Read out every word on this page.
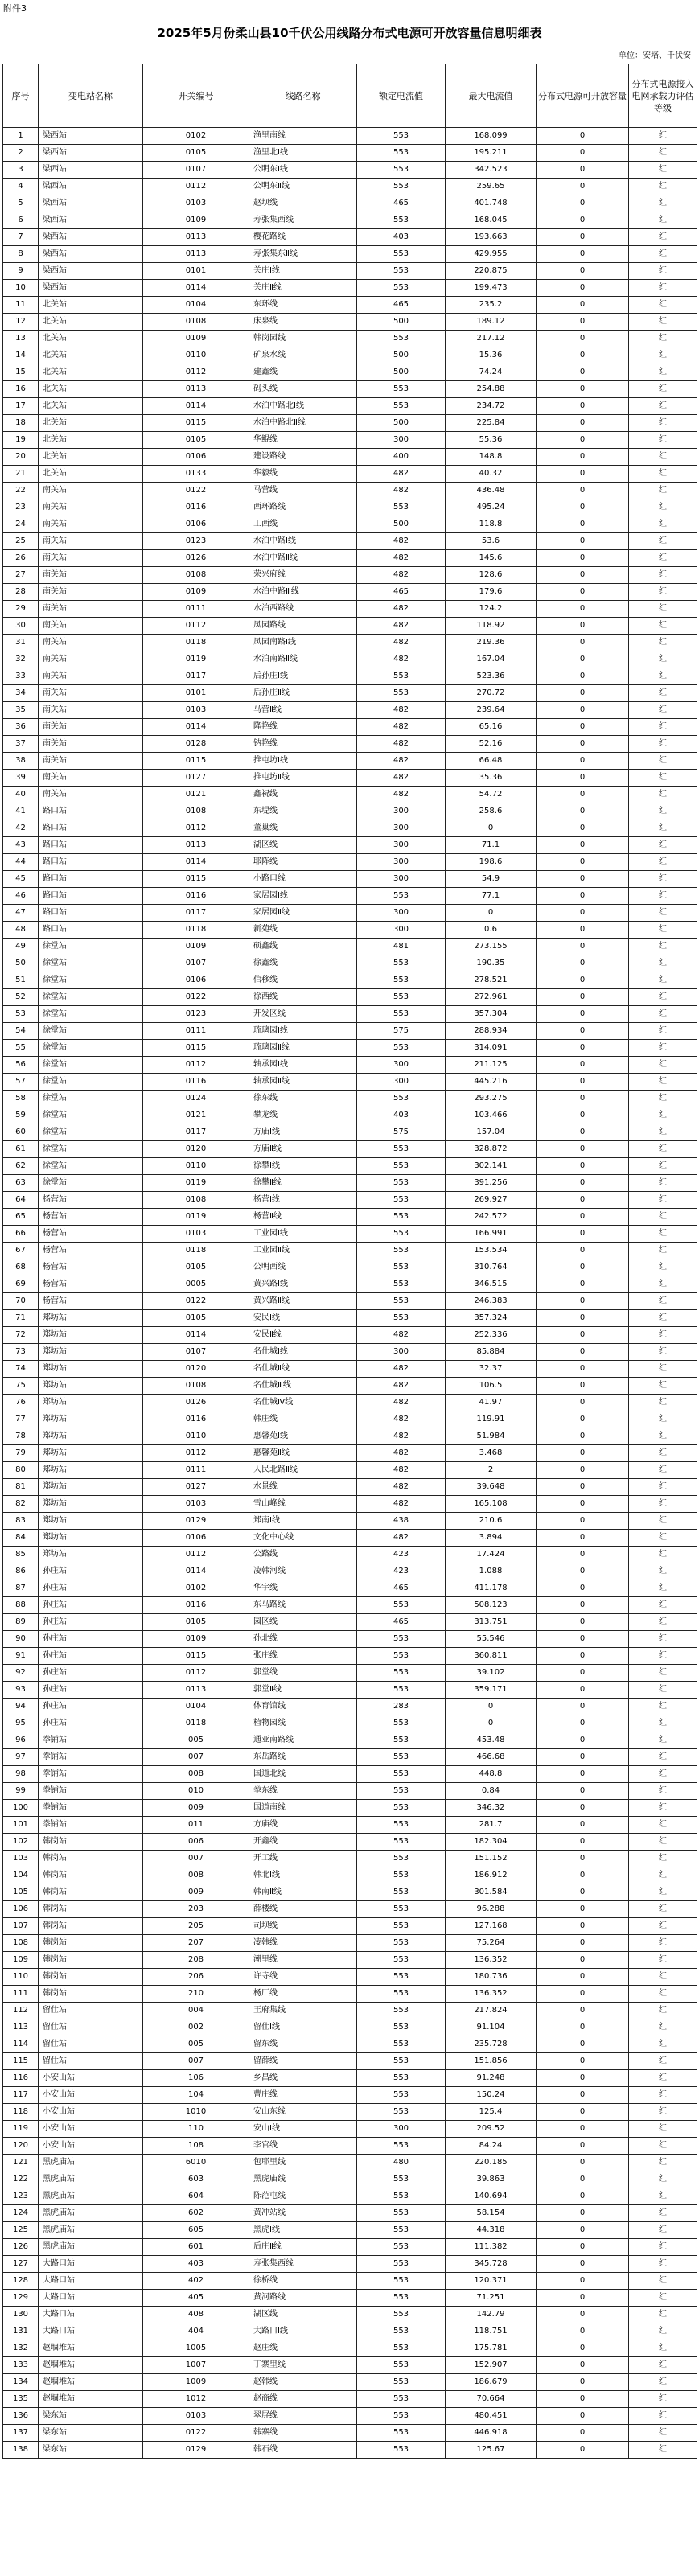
附件3
2025年5月份柔山县10千伏公用线路分布式电源可开放容量信息明细表
单位：安培、千伏安
序号	变电站名称	开关编号	线路名称	额定电流值	最大电流值	分布式电源可开放容量	分布式电源接入电网承载力评估等级
1	梁西站	0102	渔里南线	553	168.099	0	红
2	梁西站	0105	渔里北Ⅰ线	553	195.211	0	红
3	梁西站	0107	公明东Ⅰ线	553	342.523	0	红
4	梁西站	0112	公明东Ⅱ线	553	259.65	0	红
5	梁西站	0103	赵坝线	465	401.748	0	红
6	梁西站	0109	寿张集西线	553	168.045	0	红
7	梁西站	0113	樱花路线	403	193.663	0	红
8	梁西站	0113	寿张集东Ⅱ线	553	429.955	0	红
9	梁西站	0101	关庄Ⅰ线	553	220.875	0	红
10	梁西站	0114	关庄Ⅱ线	553	199.473	0	红
11	北关站	0104	东环线	465	235.2	0	红
12	北关站	0108	床泉线	500	189.12	0	红
13	北关站	0109	韩岗园线	553	217.12	0	红
14	北关站	0110	矿泉水线	500	15.36	0	红
15	北关站	0112	建鑫线	500	74.24	0	红
16	北关站	0113	码头线	553	254.88	0	红
17	北关站	0114	水泊中路北Ⅰ线	553	234.72	0	红
18	北关站	0115	水泊中路北Ⅱ线	500	225.84	0	红
19	北关站	0105	华鲲线	300	55.36	0	红
20	北关站	0106	建设路线	400	148.8	0	红
21	北关站	0133	华毅线	482	40.32	0	红
22	南关站	0122	马营线	482	436.48	0	红
23	南关站	0116	西环路线	553	495.24	0	红
24	南关站	0106	工西线	500	118.8	0	红
25	南关站	0123	水泊中路Ⅰ线	482	53.6	0	红
26	南关站	0126	水泊中路Ⅱ线	482	145.6	0	红
27	南关站	0108	荣兴府线	482	128.6	0	红
28	南关站	0109	水泊中路Ⅲ线	465	179.6	0	红
29	南关站	0111	水泊西路线	482	124.2	0	红
30	南关站	0112	凤园路线	482	118.92	0	红
31	南关站	0118	凤园南路Ⅰ线	482	219.36	0	红
32	南关站	0119	水泊南路Ⅱ线	482	167.04	0	红
33	南关站	0117	后孙庄Ⅰ线	553	523.36	0	红
34	南关站	0101	后孙庄Ⅱ线	553	270.72	0	红
35	南关站	0103	马营Ⅱ线	482	239.64	0	红
36	南关站	0114	隆艳线	482	65.16	0	红
37	南关站	0128	钠艳线	482	52.16	0	红
38	南关站	0115	推屯坊Ⅰ线	482	66.48	0	红
39	南关站	0127	推屯坊Ⅱ线	482	35.36	0	红
40	南关站	0121	鑫祝线	482	54.72	0	红
41	路口站	0108	东堤线	300	258.6	0	红
42	路口站	0112	董巢线	300	0	0	红
43	路口站	0113	湖区线	300	71.1	0	红
44	路口站	0114	耶阵线	300	198.6	0	红
45	路口站	0115	小路口线	300	54.9	0	红
46	路口站	0116	家居园Ⅰ线	553	77.1	0	红
47	路口站	0117	家居园Ⅱ线	300	0	0	红
48	路口站	0118	新苑线	300	0.6	0	红
49	徐堂站	0109	硕鑫线	481	273.155	0	红
50	徐堂站	0107	徐鑫线	553	190.35	0	红
51	徐堂站	0106	信移线	553	278.521	0	红
52	徐堂站	0122	徐西线	553	272.961	0	红
53	徐堂站	0123	开发区线	553	357.304	0	红
54	徐堂站	0111	琉璃园Ⅰ线	575	288.934	0	红
55	徐堂站	0115	琉璃园Ⅱ线	553	314.091	0	红
56	徐堂站	0112	轴承园Ⅰ线	300	211.125	0	红
57	徐堂站	0116	轴承园Ⅱ线	300	445.216	0	红
58	徐堂站	0124	徐东线	553	293.275	0	红
59	徐堂站	0121	攀龙线	403	103.466	0	红
60	徐堂站	0117	方庙Ⅰ线	575	157.04	0	红
61	徐堂站	0120	方庙Ⅱ线	553	328.872	0	红
62	徐堂站	0110	徐攀Ⅰ线	553	302.141	0	红
63	徐堂站	0119	徐攀Ⅱ线	553	391.256	0	红
64	杨营站	0108	杨营Ⅰ线	553	269.927	0	红
65	杨营站	0119	杨营Ⅱ线	553	242.572	0	红
66	杨营站	0103	工业园Ⅰ线	553	166.991	0	红
67	杨营站	0118	工业园Ⅱ线	553	153.534	0	红
68	杨营站	0105	公明西线	553	310.764	0	红
69	杨营站	0005	黄兴路Ⅰ线	553	346.515	0	红
70	杨营站	0122	黄兴路Ⅱ线	553	246.383	0	红
71	郑坊站	0105	安民Ⅰ线	553	357.324	0	红
72	郑坊站	0114	安民Ⅱ线	482	252.336	0	红
73	郑坊站	0107	名仕城Ⅰ线	300	85.884	0	红
74	郑坊站	0120	名仕城Ⅱ线	482	32.37	0	红
75	郑坊站	0108	名仕城Ⅲ线	482	106.5	0	红
76	郑坊站	0126	名仕城Ⅳ线	482	41.97	0	红
77	郑坊站	0116	韩庄线	482	119.91	0	红
78	郑坊站	0110	惠馨苑Ⅰ线	482	51.984	0	红
79	郑坊站	0112	惠馨苑Ⅱ线	482	3.468	0	红
80	郑坊站	0111	人民北路Ⅱ线	482	2	0	红
81	郑坊站	0127	水景线	482	39.648	0	红
82	郑坊站	0103	雪山峰线	482	165.108	0	红
83	郑坊站	0129	郑南Ⅰ线	438	210.6	0	红
84	郑坊站	0106	文化中心线	482	3.894	0	红
85	郑坊站	0112	公路线	423	17.424	0	红
86	孙庄站	0114	凌韩河线	423	1.088	0	红
87	孙庄站	0102	华宇线	465	411.178	0	红
88	孙庄站	0116	东马路线	553	508.123	0	红
89	孙庄站	0105	园区线	465	313.751	0	红
90	孙庄站	0109	孙北线	553	55.546	0	红
91	孙庄站	0115	张庄线	553	360.811	0	红
92	孙庄站	0112	郭堂线	553	39.102	0	红
93	孙庄站	0113	郭堂Ⅱ线	553	359.171	0	红
94	孙庄站	0104	体育馆线	283	0	0	红
95	孙庄站	0118	植物园线	553	0	0	红
96	拳铺站	005	通亚南路线	553	453.48	0	红
97	拳铺站	007	东岳路线	553	466.68	0	红
98	拳铺站	008	国道北线	553	448.8	0	红
99	拳铺站	010	拳东线	553	0.84	0	红
100	拳铺站	009	国道南线	553	346.32	0	红
101	拳铺站	011	方庙线	553	281.7	0	红
102	韩岗站	006	开鑫线	553	182.304	0	红
103	韩岗站	007	开工线	553	151.152	0	红
104	韩岗站	008	韩北Ⅰ线	553	186.912	0	红
105	韩岗站	009	韩南Ⅱ线	553	301.584	0	红
106	韩岗站	203	薛楼线	553	96.288	0	红
107	韩岗站	205	司坝线	553	127.168	0	红
108	韩岗站	207	凌韩线	553	75.264	0	红
109	韩岗站	208	潮里线	553	136.352	0	红
110	韩岗站	206	许寺线	553	180.736	0	红
111	韩岗站	210	杨厂线	553	136.352	0	红
112	留仕站	004	王府集线	553	217.824	0	红
113	留仕站	002	留仕Ⅰ线	553	91.104	0	红
114	留仕站	005	留东线	553	235.728	0	红
115	留仕站	007	留薛线	553	151.856	0	红
116	小安山站	106	乡昌线	553	91.248	0	红
117	小安山站	104	曹庄线	553	150.24	0	红
118	小安山站	1010	安山东线	553	125.4	0	红
119	小安山站	110	安山Ⅰ线	300	209.52	0	红
120	小安山站	108	李官线	553	84.24	0	红
121	黑虎庙站	6010	包耶里线	480	220.185	0	红
122	黑虎庙站	603	黑虎庙线	553	39.863	0	红
123	黑虎庙站	604	陈范屯线	553	140.694	0	红
124	黑虎庙站	602	黄冲站线	553	58.154	0	红
125	黑虎庙站	605	黑虎Ⅰ线	553	44.318	0	红
126	黑虎庙站	601	后庄Ⅱ线	553	111.382	0	红
127	大路口站	403	寿张集西线	553	345.728	0	红
128	大路口站	402	徐桥线	553	120.371	0	红
129	大路口站	405	黄河路线	553	71.251	0	红
130	大路口站	408	湖区线	553	142.79	0	红
131	大路口站	404	大路口Ⅰ线	553	118.751	0	红
132	赵堌堆站	1005	赵庄线	553	175.781	0	红
133	赵堌堆站	1007	丁寨里线	553	152.907	0	红
134	赵堌堆站	1009	赵韩线	553	186.679	0	红
135	赵堌堆站	1012	赵商线	553	70.664	0	红
136	梁东站	0103	翠屏线	553	480.451	0	红
137	梁东站	0122	韩寨线	553	446.918	0	红
138	梁东站	0129	韩石线	553	125.67	0	红
